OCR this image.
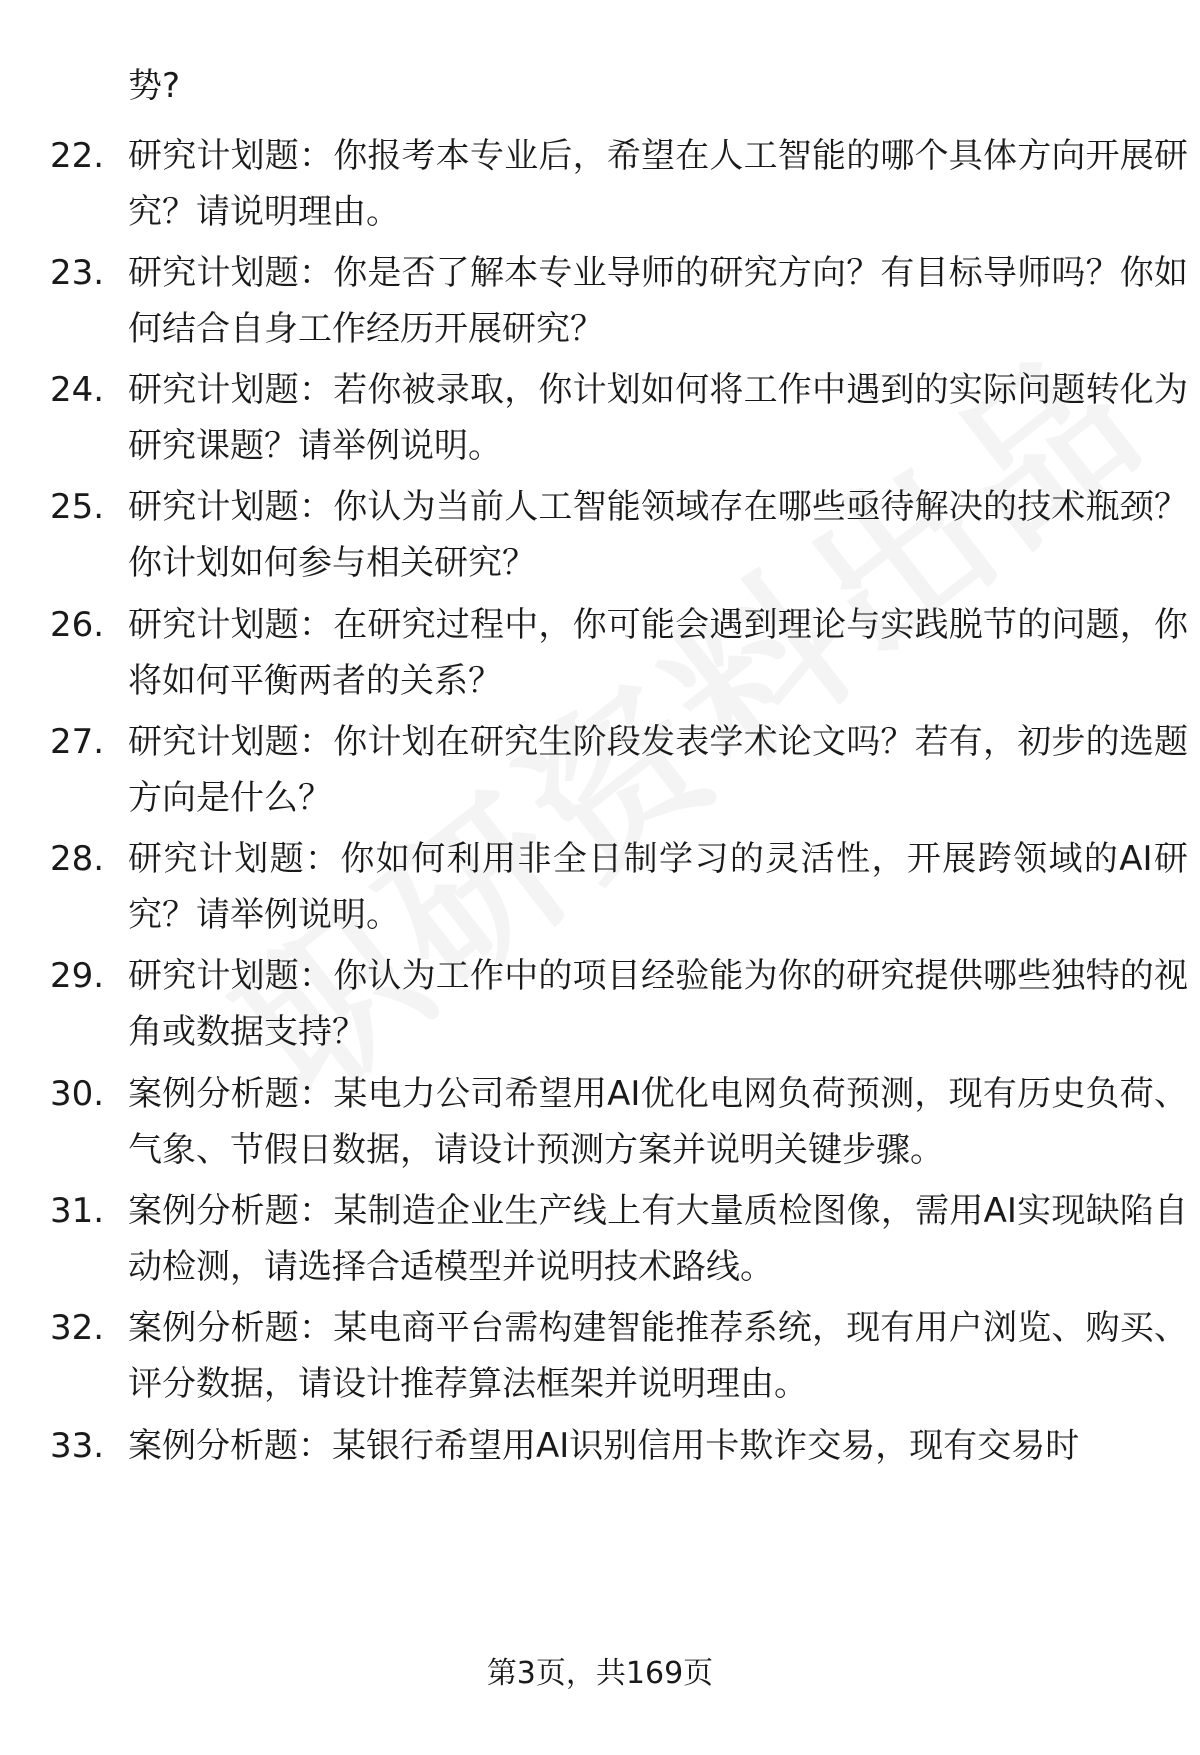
势?

22. 研究计划题：你报考本专业后，希望在人工智能的哪个具体方向开展研究？请说明理由。
23. 研究计划题：你是否了解本专业导师的研究方向？有目标导师吗？你如何结合自身工作经历开展研究？
24. 研究计划题：若你被录取，你计划如何将工作中遇到的实际问题转化为研究课题？请举例说明。
25. 研究计划题：你认为当前人工智能领域存在哪些亟待解决的技术瓶颈？你计划如何参与相关研究？
26. 研究计划题：在研究过程中，你可能会遇到理论与实践脱节的问题，你将如何平衡两者的关系？
27. 研究计划题：你计划在研究生阶段发表学术论文吗？若有，初步的选题方向是什么？
28. 研究计划题：你如何利用非全日制学习的灵活性，开展跨领域的AI研究？请举例说明。
29. 研究计划题：你认为工作中的项目经验能为你的研究提供哪些独特的视角或数据支持？
30. 案例分析题：某电力公司希望用AI优化电网负荷预测，现有历史负荷、气象、节假日数据，请设计预测方案并说明关键步骤。
31. 案例分析题：某制造企业生产线上有大量质检图像，需用AI实现缺陷自动检测，请选择合适模型并说明技术路线。
32. 案例分析题：某电商平台需构建智能推荐系统，现有用户浏览、购买、评分数据，请设计推荐算法框架并说明理由。
33. 案例分析题：某银行希望用AI识别信用卡欺诈交易，现有交易时
第3页，共169页
